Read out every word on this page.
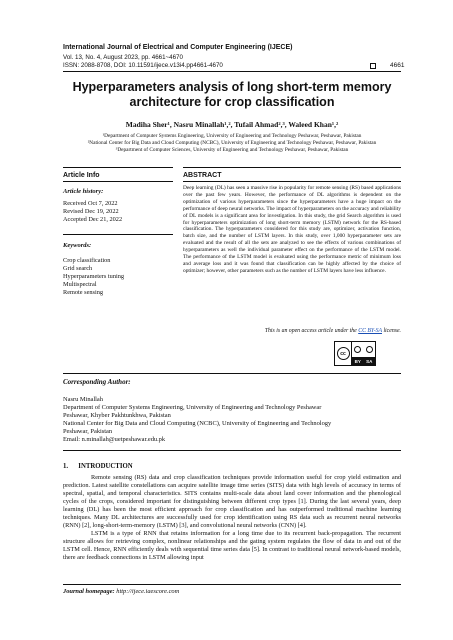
International Journal of Electrical and Computer Engineering (IJECE)
Vol. 13, No. 4, August 2023, pp. 4661~4670
ISSN: 2088-8708, DOI: 10.11591/ijece.v13i4.pp4661-4670	4661
Hyperparameters analysis of long short-term memory
architecture for crop classification
Madiha Sher¹, Nasru Minallah¹,², Tufail Ahmad²,³, Waleed Khan¹,²
¹Department of Computer Systems Engineering, University of Engineering and Technology Peshawar, Peshawar, Pakistan
²National Center for Big Data and Cloud Computing (NCBC), University of Engineering and Technology Peshawar, Peshawar, Pakistan
³Department of Computer Sciences, University of Engineering and Technology Peshawar, Peshawar, Pakistan
Article Info
Article history:
Received Oct 7, 2022
Revised Dec 19, 2022
Accepted Dec 21, 2022
Keywords:
Crop classification
Grid search
Hyperparameters tuning
Multispectral
Remote sensing
ABSTRACT
Deep learning (DL) has seen a massive rise in popularity for remote sensing (RS) based applications over the past few years. However, the performance of DL algorithms is dependent on the optimization of various hyperparameters since the hyperparameters have a huge impact on the performance of deep neural networks. The impact of hyperparameters on the accuracy and reliability of DL models is a significant area for investigation. In this study, the grid Search algorithm is used for hyperparameters optimization of long short-term memory (LSTM) network for the RS-based classification. The hyperparameters considered for this study are, optimizer, activation function, batch size, and the number of LSTM layers. In this study, over 1,000 hyperparameter sets are evaluated and the result of all the sets are analyzed to see the effects of various combinations of hyperparameters as well the individual parameter effect on the performance of the LSTM model. The performance of the LSTM model is evaluated using the performance metric of minimum loss and average loss and it was found that classification can be highly affected by the choice of optimizer; however, other parameters such as the number of LSTM layers have less influence.
This is an open access article under the CC BY-SA license.
cc
BY SA
Corresponding Author:
Nasru Minallah
Department of Computer Systems Engineering, University of Engineering and Technology Peshawar
Peshawar, Khyber Pakhtunkhwa, Pakistan
National Center for Big Data and Cloud Computing (NCBC), University of Engineering and Technology
Peshawar, Pakistan
Email: n.minallah@uetpeshawar.edu.pk
1.      INTRODUCTION

Remote sensing (RS) data and crop classification techniques provide information useful for crop yield estimation and prediction. Latest satellite constellations can acquire satellite image time series (SITS) data with high levels of accuracy in terms of spectral, spatial, and temporal characteristics. SITS contains multi-scale data about land cover information and the phenological cycles of the crops, considered important for distinguishing between different crop types [1]. During the last several years, deep learning (DL) has been the most efficient approach for crop classification and has outperformed traditional machine learning techniques. Many DL architectures are successfully used for crop identification using RS data such as recurrent neural networks (RNN) [2], long-short-term-memory (LSTM) [3], and convolutional neural networks (CNN) [4].

LSTM is a type of RNN that retains information for a long time due to its recurrent back-propagation. The recurrent structure allows for retrieving complex, nonlinear relationships and the gating system regulates the flow of data in and out of the LSTM cell. Hence, RNN efficiently deals with sequential time series data [5]. In contrast to traditional neural network-based models, there are feedback connections in LSTM allowing input

Journal homepage: http://ijece.iaescore.com
